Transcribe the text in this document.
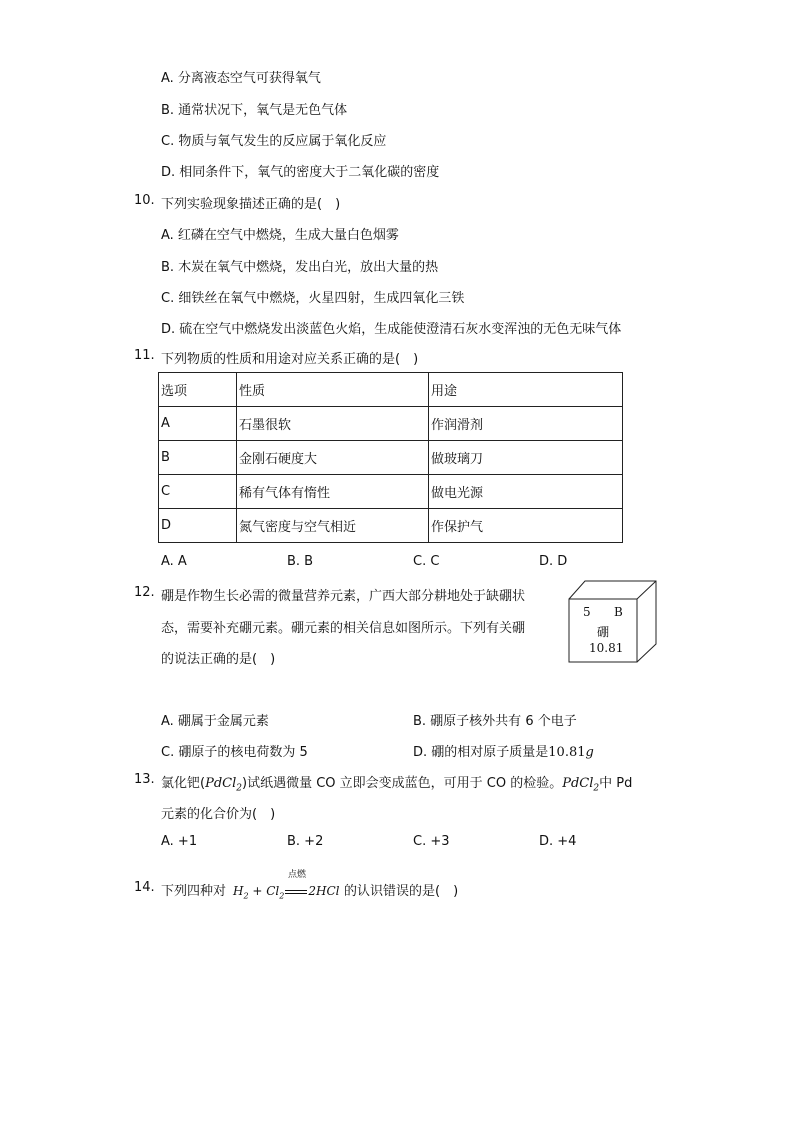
A. 分离液态空气可获得氧气
B. 通常状况下，氧气是无色气体
C. 物质与氧气发生的反应属于氧化反应
D. 相同条件下，氧气的密度大于二氧化碳的密度
10. 下列实验现象描述正确的是(　)
A. 红磷在空气中燃烧，生成大量白色烟雾
B. 木炭在氧气中燃烧，发出白光，放出大量的热
C. 细铁丝在氧气中燃烧，火星四射，生成四氧化三铁
D. 硫在空气中燃烧发出淡蓝色火焰，生成能使澄清石灰水变浑浊的无色无味气体
11. 下列物质的性质和用途对应关系正确的是(　)
选项	性质	用途
A	石墨很软	作润滑剂
B	金刚石硬度大	做玻璃刀
C	稀有气体有惰性	做电光源
D	氮气密度与空气相近	作保护气
A. A	B. B	C. C	D. D
12. 硼是作物生长必需的微量营养元素，广西大部分耕地处于缺硼状
态，需要补充硼元素。硼元素的相关信息如图所示。下列有关硼
的说法正确的是(　)
5 B
硼
10.81
A. 硼属于金属元素	B. 硼原子核外共有 6 个电子
C. 硼原子的核电荷数为 5	D. 硼的相对原子质量是10.81g
13. 氯化钯(PdCl$_2$)试纸遇微量 CO 立即会变成蓝色，可用于 CO 的检验。PdCl$_2$中 Pd
元素的化合价为(　)
A. +1	B. +2	C. +3	D. +4
14. 下列四种对
点燃
$H_2 + Cl_2$ 2HCl 的认识错误的是(　)
